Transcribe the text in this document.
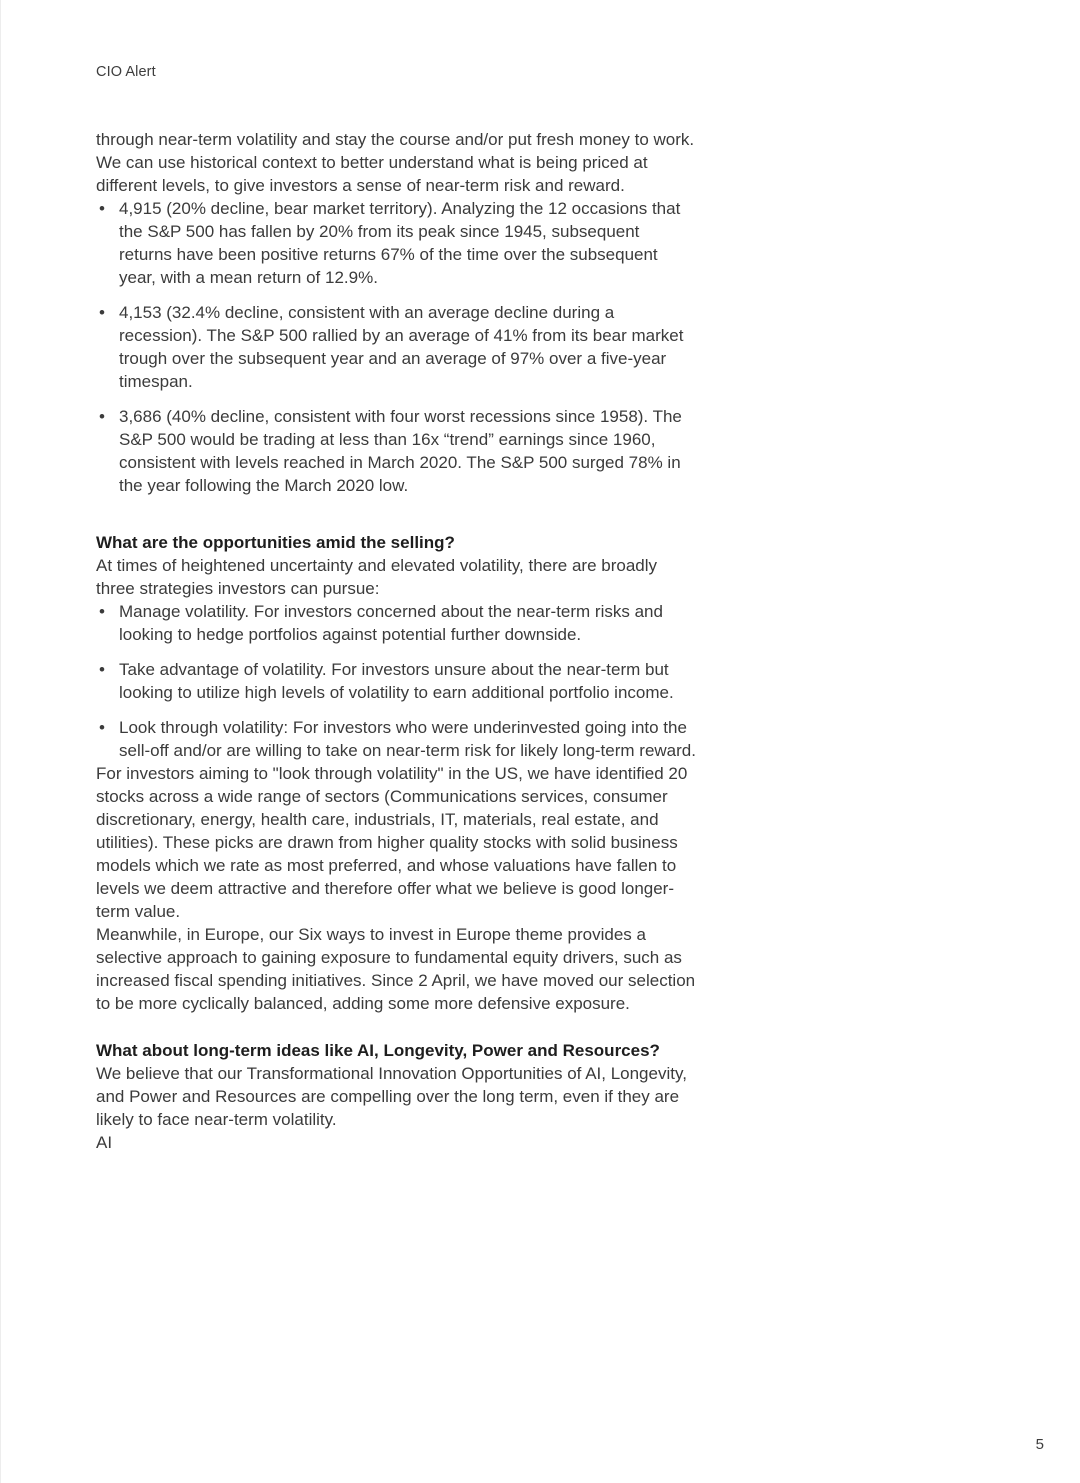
CIO Alert

through near-term volatility and stay the course and/or put fresh money to work.

We can use historical context to better understand what is being priced at different levels, to give investors a sense of near-term risk and reward.

• 4,915 (20% decline, bear market territory). Analyzing the 12 occasions that the S&P 500 has fallen by 20% from its peak since 1945, subsequent returns have been positive returns 67% of the time over the subsequent year, with a mean return of 12.9%.
• 4,153 (32.4% decline, consistent with an average decline during a recession). The S&P 500 rallied by an average of 41% from its bear market trough over the subsequent year and an average of 97% over a five-year timespan.
• 3,686 (40% decline, consistent with four worst recessions since 1958). The S&P 500 would be trading at less than 16x “trend” earnings since 1960, consistent with levels reached in March 2020. The S&P 500 surged 78% in the year following the March 2020 low.
What are the opportunities amid the selling?

At times of heightened uncertainty and elevated volatility, there are broadly three strategies investors can pursue:

• Manage volatility. For investors concerned about the near-term risks and looking to hedge portfolios against potential further downside.
• Take advantage of volatility. For investors unsure about the near-term but looking to utilize high levels of volatility to earn additional portfolio income.
• Look through volatility: For investors who were underinvested going into the sell-off and/or are willing to take on near-term risk for likely long-term reward.

For investors aiming to "look through volatility" in the US, we have identified 20 stocks across a wide range of sectors (Communications services, consumer discretionary, energy, health care, industrials, IT, materials, real estate, and utilities). These picks are drawn from higher quality stocks with solid business models which we rate as most preferred, and whose valuations have fallen to levels we deem attractive and therefore offer what we believe is good longer-term value.

Meanwhile, in Europe, our Six ways to invest in Europe theme provides a selective approach to gaining exposure to fundamental equity drivers, such as increased fiscal spending initiatives. Since 2 April, we have moved our selection to be more cyclically balanced, adding some more defensive exposure.

What about long-term ideas like AI, Longevity, Power and Resources?

We believe that our Transformational Innovation Opportunities of AI, Longevity, and Power and Resources are compelling over the long term, even if they are likely to face near-term volatility.

AI

5
